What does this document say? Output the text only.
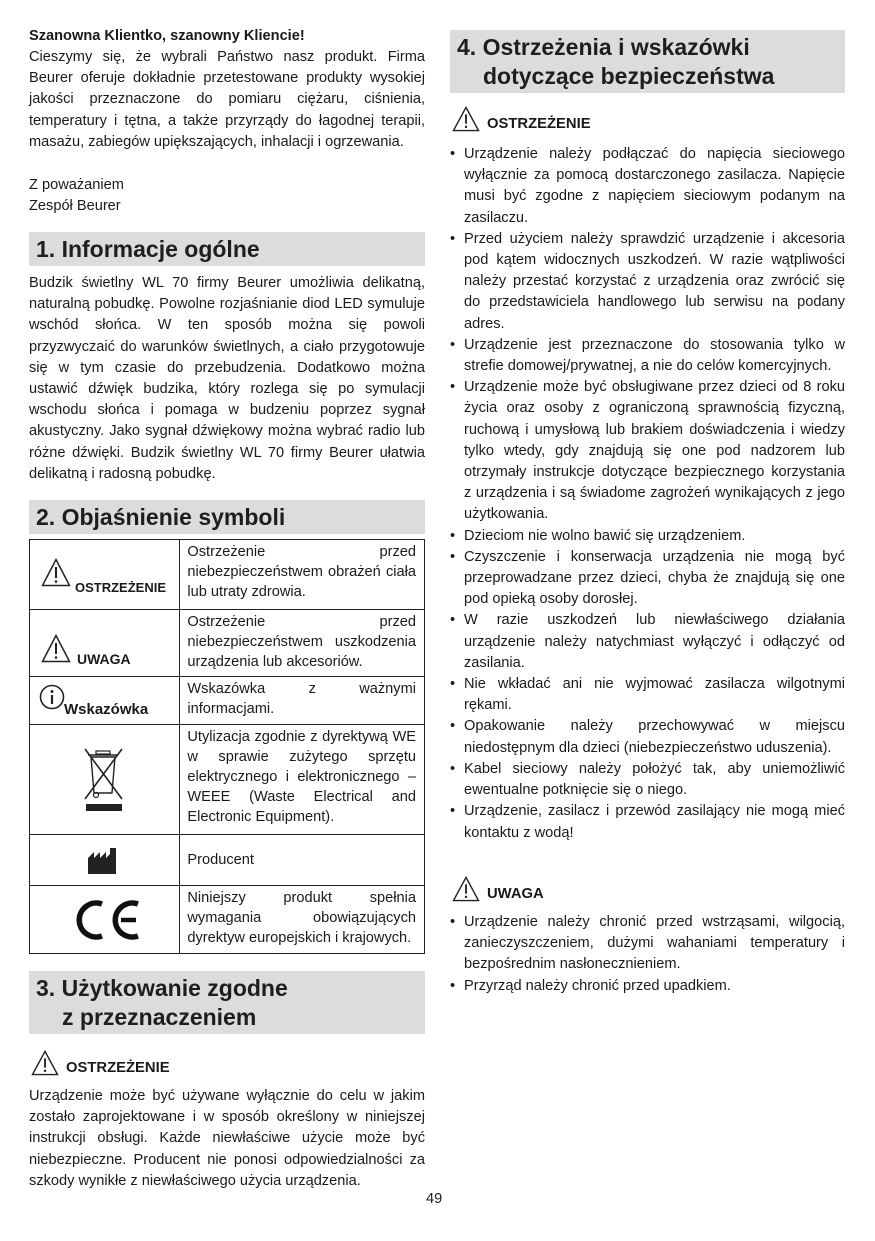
Szanowna Klientko, szanowny Kliencie!

Cieszymy się, że wybrali Państwo nasz produkt. Firma Beurer oferuje dokładnie przetestowane produkty wysokiej jakości przeznaczone do pomiaru ciężaru, ciśnienia, temperatury i tętna, a także przyrządy do łagodnej terapii, masażu, zabiegów upiększających, inhalacji i ogrzewania.

Z poważaniem

Zespół Beurer

1. Informacje ogólne

Budzik świetlny WL 70 firmy Beurer umożliwia delikatną, naturalną pobudkę. Powolne rozjaśnianie diod LED symuluje wschód słońca. W ten sposób można się powoli przyzwyczaić do warunków świetlnych, a ciało przygotowuje się w tym czasie do przebudzenia. Dodatkowo można ustawić dźwięk budzika, który rozlega się po symulacji wschodu słońca i pomaga w budzeniu poprzez sygnał akustyczny. Jako sygnał dźwiękowy można wybrać radio lub różne dźwięki. Budzik świetlny WL 70 firmy Beurer ułatwia delikatną i radosną pobudkę.

2. Objaśnienie symboli
OSTRZEŻENIE	Ostrzeżenie przed niebezpieczeństwem obrażeń ciała lub utraty zdrowia.

UWAGA	Ostrzeżenie przed niebezpieczeństwem uszkodzenia urządzenia lub akcesoriów.

Wskazówka	Wskazówka z ważnymi informacjami.

	Utylizacja zgodnie z dyrektywą WE w sprawie zużytego sprzętu elektrycznego i elektronicznego – WEEE (Waste Electrical and Electronic Equipment).

	Producent

	Niniejszy produkt spełnia wymagania obowiązujących dyrektyw europejskich i krajowych.
3. Użytkowanie zgodne
z przeznaczeniem
OSTRZEŻENIE

Urządzenie może być używane wyłącznie do celu w jakim zostało zaprojektowane i w sposób określony w niniejszej instrukcji obsługi. Każde niewłaściwe użycie może być niebezpieczne. Producent nie ponosi odpowiedzialności za szkody wynikłe z niewłaściwego użycia urządzenia.

4. Ostrzeżenia i wskazówki
dotyczące bezpieczeństwa
OSTRZEŻENIE
• Urządzenie należy podłączać do napięcia sieciowego wyłącznie za pomocą dostarczonego zasilacza. Napięcie musi być zgodne z napięciem sieciowym podanym na zasilaczu.
• Przed użyciem należy sprawdzić urządzenie i akcesoria pod kątem widocznych uszkodzeń. W razie wątpliwości należy przestać korzystać z urządzenia oraz zwrócić się do przedstawiciela handlowego lub serwisu na podany adres.
• Urządzenie jest przeznaczone do stosowania tylko w strefie domowej/prywatnej, a nie do celów komercyjnych.
• Urządzenie może być obsługiwane przez dzieci od 8 roku życia oraz osoby z ograniczoną sprawnością fizyczną, ruchową i umysłową lub brakiem doświadczenia i wiedzy tylko wtedy, gdy znajdują się one pod nadzorem lub otrzymały instrukcje dotyczące bezpiecznego korzystania z urządzenia i są świadome zagrożeń wynikających z jego użytkowania.
• Dzieciom nie wolno bawić się urządzeniem.
• Czyszczenie i konserwacja urządzenia nie mogą być przeprowadzane przez dzieci, chyba że znajdują się one pod opieką osoby dorosłej.
• W razie uszkodzeń lub niewłaściwego działania urządzenie należy natychmiast wyłączyć i odłączyć od zasilania.
• Nie wkładać ani nie wyjmować zasilacza wilgotnymi rękami.
• Opakowanie należy przechowywać w miejscu niedostępnym dla dzieci (niebezpieczeństwo uduszenia).
• Kabel sieciowy należy położyć tak, aby uniemożliwić ewentualne potknięcie się o niego.
• Urządzenie, zasilacz i przewód zasilający nie mogą mieć kontaktu z wodą!
UWAGA
• Urządzenie należy chronić przed wstrząsami, wilgocią, zanieczyszczeniem, dużymi wahaniami temperatury i bezpośrednim nasłonecznieniem.
• Przyrząd należy chronić przed upadkiem.
49
